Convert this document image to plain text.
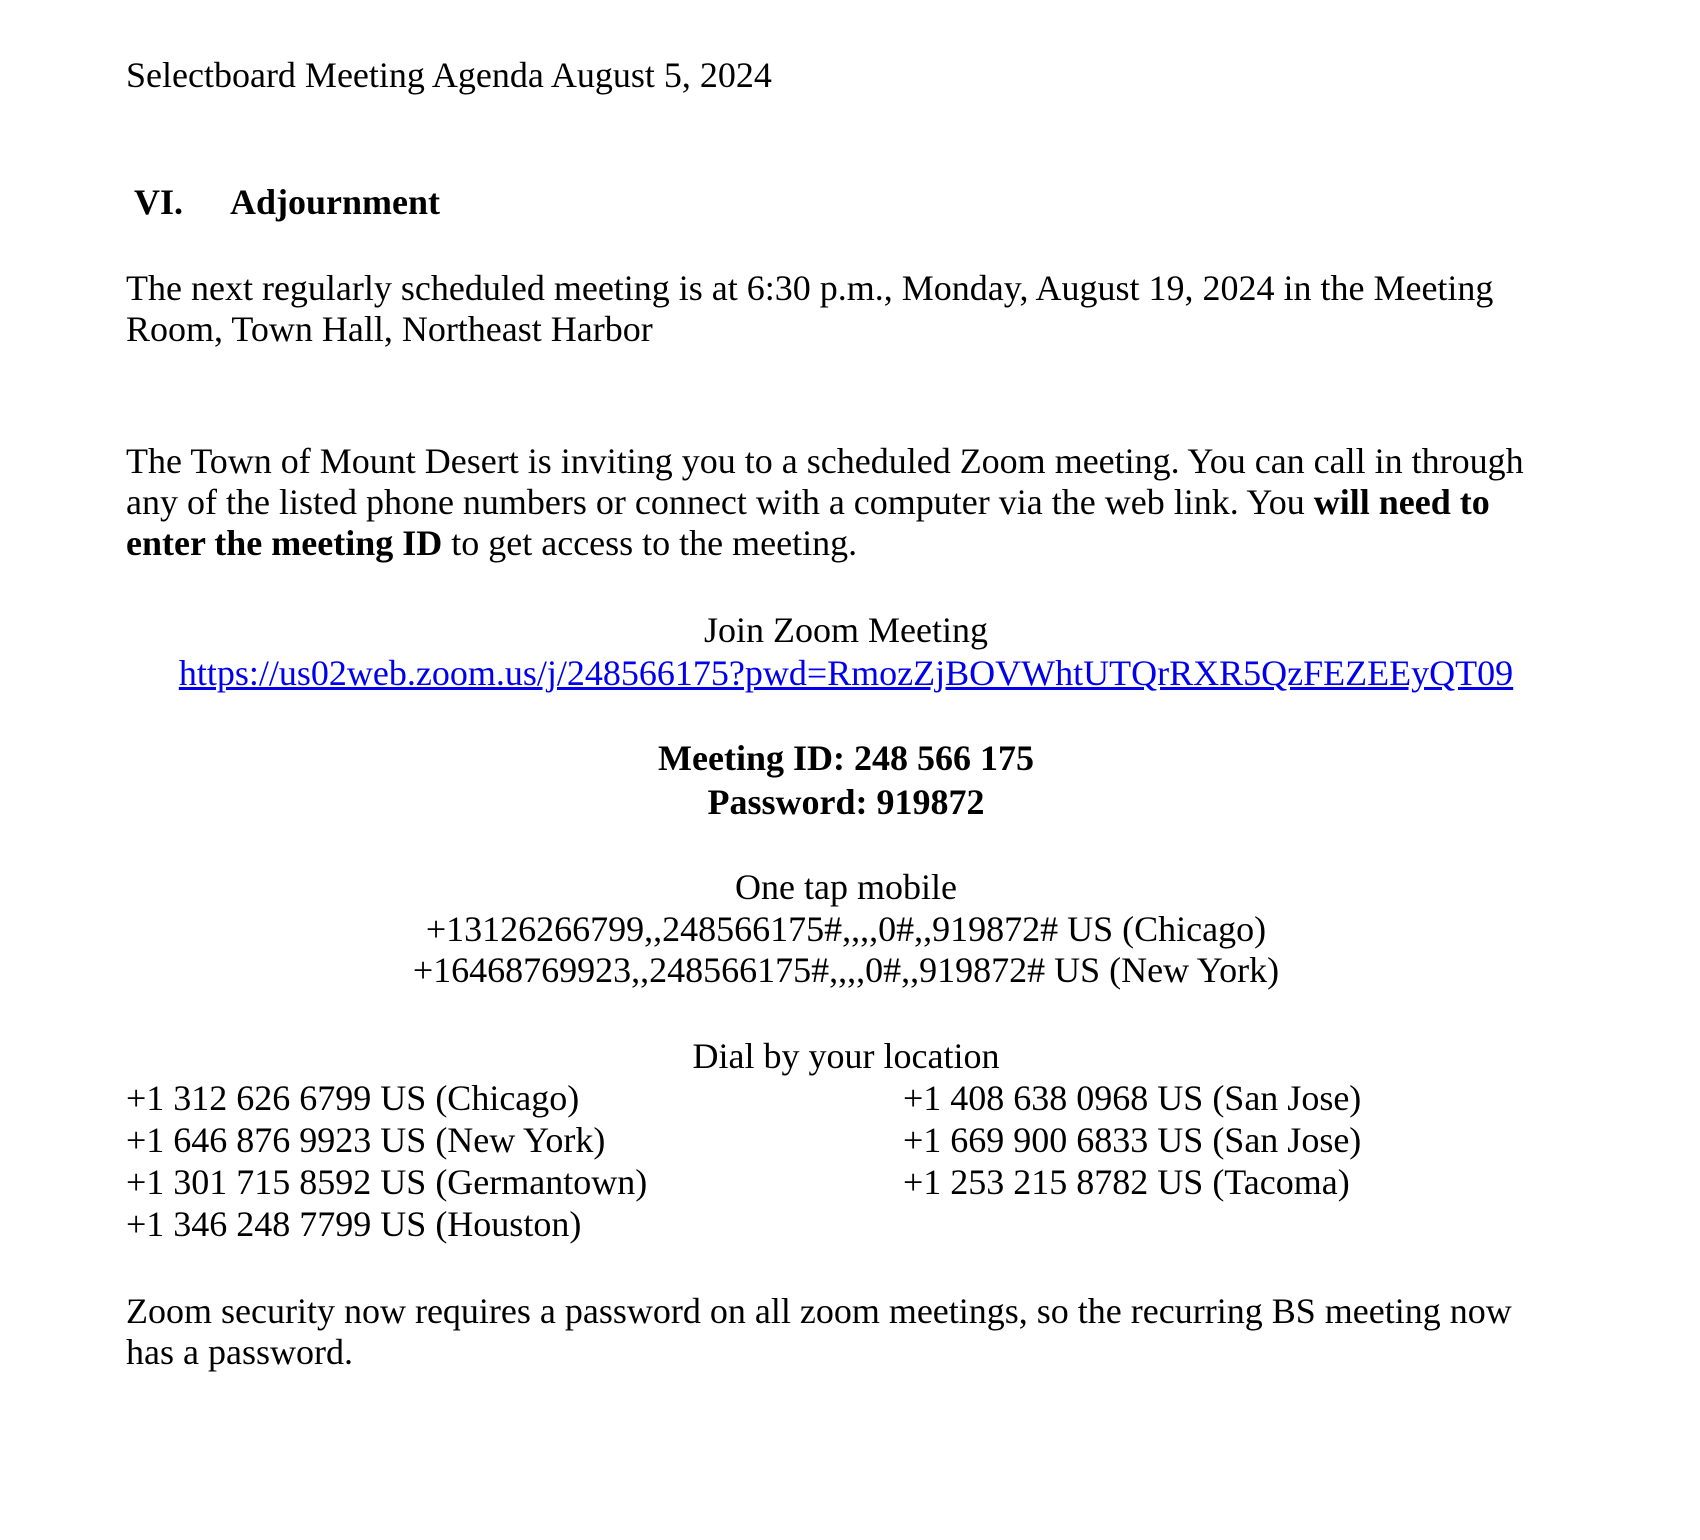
Selectboard Meeting Agenda August 5, 2024
VI. Adjournment
The next regularly scheduled meeting is at 6:30 p.m., Monday, August 19, 2024 in the Meeting Room, Town Hall, Northeast Harbor
The Town of Mount Desert is inviting you to a scheduled Zoom meeting. You can call in through any of the listed phone numbers or connect with a computer via the web link. You will need to enter the meeting ID to get access to the meeting.
Join Zoom Meeting
https://us02web.zoom.us/j/248566175?pwd=RmozZjBOVWhtUTQrRXR5QzFEZEEyQT09
Meeting ID: 248 566 175
Password: 919872
One tap mobile
+13126266799,,248566175#,,,,0#,,919872# US (Chicago)
+16468769923,,248566175#,,,,0#,,919872# US (New York)
Dial by your location
+1 312 626 6799 US (Chicago)
+1 646 876 9923 US (New York)
+1 301 715 8592 US (Germantown)
+1 346 248 7799 US (Houston)
+1 408 638 0968 US (San Jose)
+1 669 900 6833 US (San Jose)
+1 253 215 8782 US (Tacoma)
Zoom security now requires a password on all zoom meetings, so the recurring BS meeting now has a password.
